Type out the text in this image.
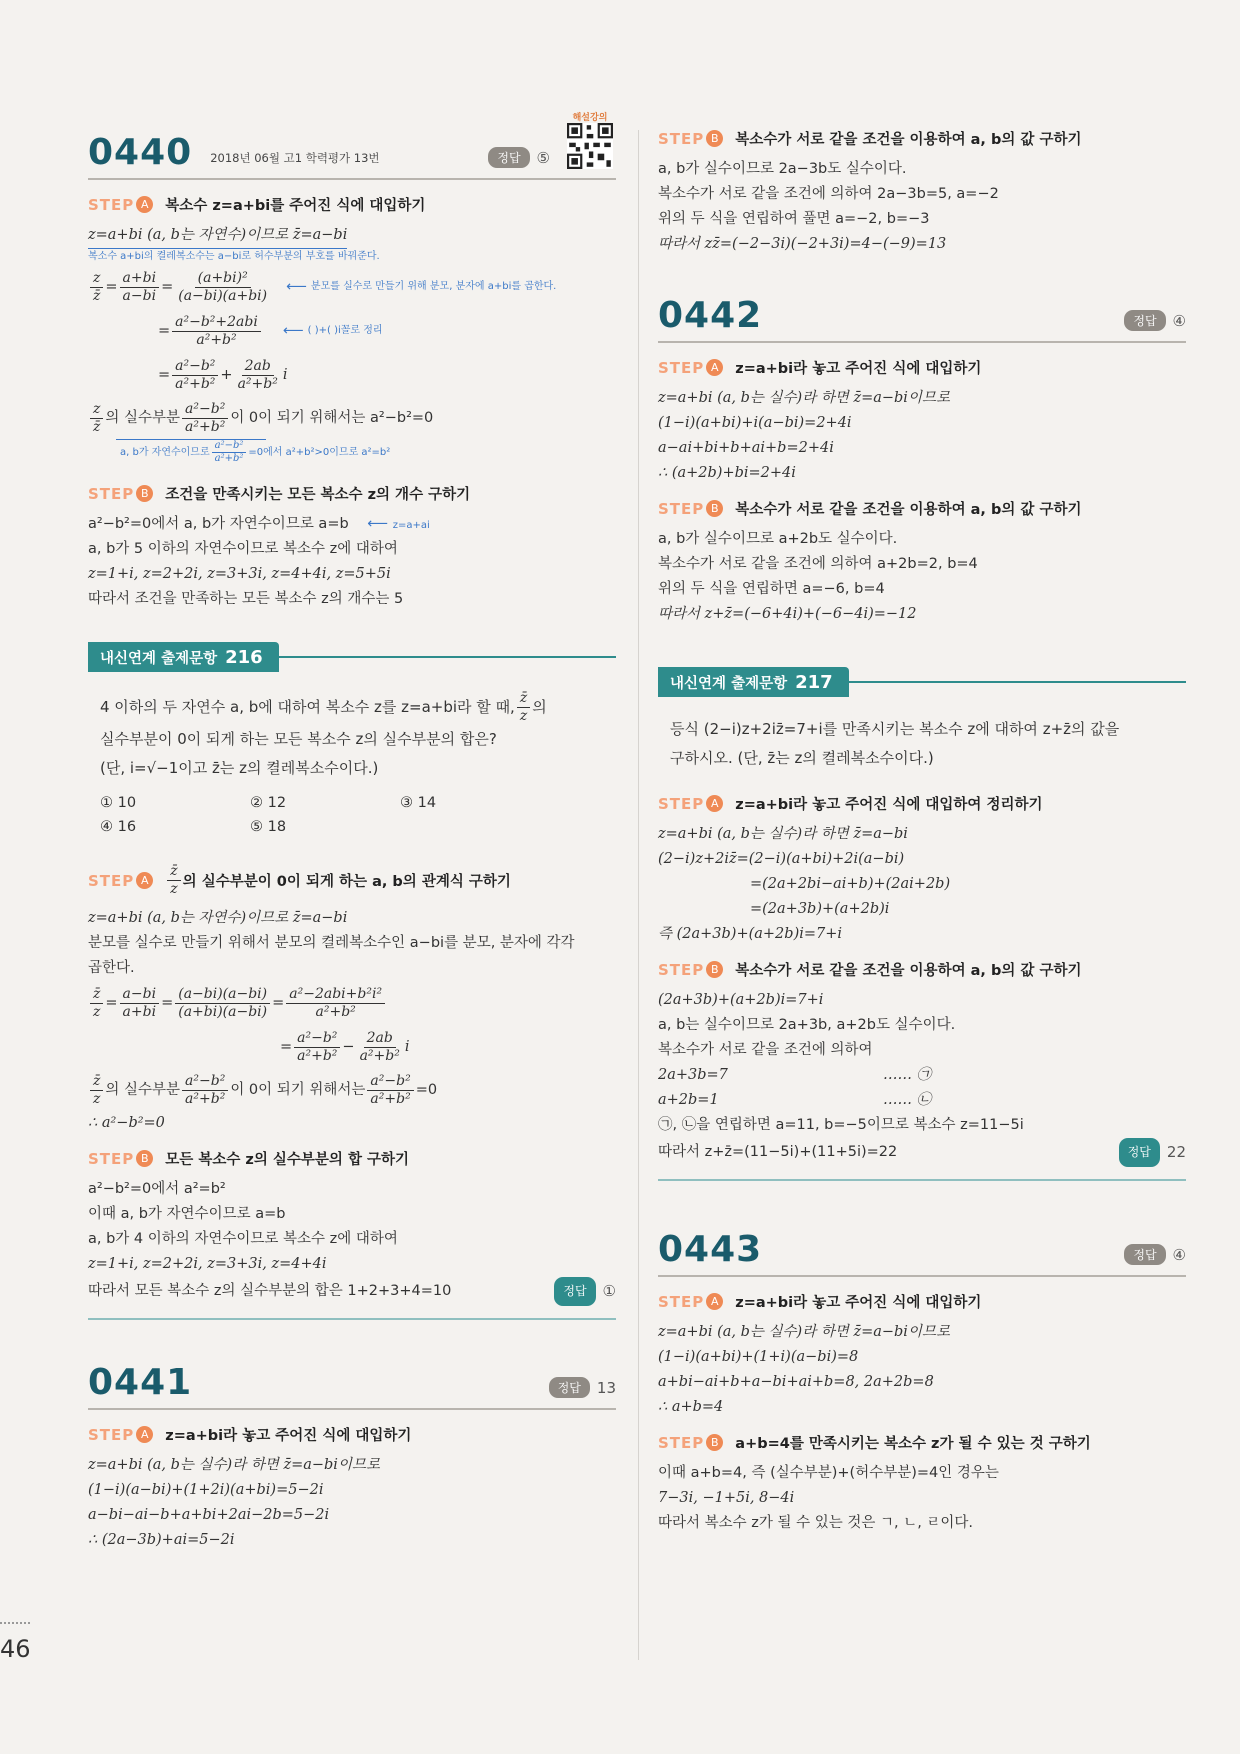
46
0440 2018년 06월 고1 학력평가 13번	정답	⑤
해설강의
STEP A	복소수 z=a+bi를 주어진 식에 대입하기
z=a+bi (a, b는 자연수)이므로 z̄=a−bi
복소수 a+bi의 켤레복소수는 a−bi로 허수부분의 부호를 바꿔준다.
$\frac{z}{z̄} = \frac{a+bi}{a-bi} = \frac{\text{(a+bi)²}}{(a-bi)(a+bi)}$ ⟵ 분모를 실수로 만들기 위해 분모, 분자에 a+bi를 곱한다.
= $\frac{\text{a²−b²+2abi}}{\text{a²+b²}}$ ⟵ ( )+( )i꼴로 정리
= $\frac{\text{a²−b²}}{\text{a²+b²}} + \frac{2ab}{\text{a²+b²}}$ i
$\frac{z}{z̄}$ 의 실수부분 $\frac{\text{a²−b²}}{\text{a²+b²}}$ 이 0이 되기 위해서는 a²−b²=0
a, b가 자연수이므로 $\frac{\text{a²−b²}}{\text{a²+b²}} =0$에서 a²+b²>0이므로 a²=b²
STEP B	조건을 만족시키는 모든 복소수 z의 개수 구하기
a²−b²=0에서 a, b가 자연수이므로 a=b ⟵ z=a+ai
a, b가 5 이하의 자연수이므로 복소수 z에 대하여
z=1+i, z=2+2i, z=3+3i, z=4+4i, z=5+5i
따라서 조건을 만족하는 모든 복소수 z의 개수는 5
내신연계 출제문항 216
4 이하의 두 자연수 a, b에 대하여 복소수 z를 z=a+bi라 할 때, $\frac{z̄}{z}$ 의
실수부분이 0이 되게 하는 모든 복소수 z의 실수부분의 합은?
(단, i=√−1이고 z̄는 z의 켤레복소수이다.)
① 10	② 12	③ 14
④ 16	⑤ 18
STEP A	$\frac{z̄}{z}$ 의 실수부분이 0이 되게 하는 a, b의 관계식 구하기
z=a+bi (a, b는 자연수)이므로 z̄=a−bi
분모를 실수로 만들기 위해서 분모의 켤레복소수인 a−bi를 분모, 분자에 각각
곱한다.
$\frac{z̄}{z} = \frac{a-bi}{a+bi} = \frac{(a-bi)(a-bi)}{(a+bi)(a-bi)} = \frac{\text{a²−2abi+b²i²}}{\text{a²+b²}}$
= $\frac{\text{a²−b²}}{\text{a²+b²}} - \frac{2ab}{\text{a²+b²}}$ i
$\frac{z̄}{z}$ 의 실수부분 $\frac{\text{a²−b²}}{\text{a²+b²}}$ 이 0이 되기 위해서는 $\frac{\text{a²−b²}}{\text{a²+b²}} =0$
∴ a²−b²=0
STEP B	모든 복소수 z의 실수부분의 합 구하기
a²−b²=0에서 a²=b²
이때 a, b가 자연수이므로 a=b
a, b가 4 이하의 자연수이므로 복소수 z에 대하여
z=1+i, z=2+2i, z=3+3i, z=4+4i
따라서 모든 복소수 z의 실수부분의 합은 1+2+3+4=10	정답	①
0441	정답	13
STEP A	z=a+bi라 놓고 주어진 식에 대입하기
z=a+bi (a, b는 실수)라 하면 z̄=a−bi이므로
(1−i)(a−bi)+(1+2i)(a+bi)=5−2i
a−bi−ai−b+a+bi+2ai−2b=5−2i
∴ (2a−3b)+ai=5−2i
STEP B	복소수가 서로 같을 조건을 이용하여 a, b의 값 구하기
a, b가 실수이므로 2a−3b도 실수이다.
복소수가 서로 같을 조건에 의하여 2a−3b=5, a=−2
위의 두 식을 연립하여 풀면 a=−2, b=−3
따라서 zz̄=(−2−3i)(−2+3i)=4−(−9)=13
0442	정답	④
STEP A	z=a+bi라 놓고 주어진 식에 대입하기
z=a+bi (a, b는 실수)라 하면 z̄=a−bi이므로
(1−i)(a+bi)+i(a−bi)=2+4i
a−ai+bi+b+ai+b=2+4i
∴ (a+2b)+bi=2+4i
STEP B	복소수가 서로 같을 조건을 이용하여 a, b의 값 구하기
a, b가 실수이므로 a+2b도 실수이다.
복소수가 서로 같을 조건에 의하여 a+2b=2, b=4
위의 두 식을 연립하면 a=−6, b=4
따라서 z+z̄=(−6+4i)+(−6−4i)=−12
내신연계 출제문항 217
등식 (2−i)z+2iz̄=7+i를 만족시키는 복소수 z에 대하여 z+z̄의 값을
구하시오. (단, z̄는 z의 켤레복소수이다.)
STEP A	z=a+bi라 놓고 주어진 식에 대입하여 정리하기
z=a+bi (a, b는 실수)라 하면 z̄=a−bi
(2−i)z+2iz̄=(2−i)(a+bi)+2i(a−bi)
=(2a+2bi−ai+b)+(2ai+2b)
=(2a+3b)+(a+2b)i
즉 (2a+3b)+(a+2b)i=7+i
STEP B	복소수가 서로 같을 조건을 이용하여 a, b의 값 구하기
(2a+3b)+(a+2b)i=7+i
a, b는 실수이므로 2a+3b, a+2b도 실수이다.
복소수가 서로 같을 조건에 의하여
2a+3b=7	…… ㉠
a+2b=1	…… ㉡
㉠, ㉡을 연립하면 a=11, b=−5이므로 복소수 z=11−5i
따라서 z+z̄=(11−5i)+(11+5i)=22	정답	22
0443	정답	④
STEP A	z=a+bi라 놓고 주어진 식에 대입하기
z=a+bi (a, b는 실수)라 하면 z̄=a−bi이므로
(1−i)(a+bi)+(1+i)(a−bi)=8
a+bi−ai+b+a−bi+ai+b=8, 2a+2b=8
∴ a+b=4
STEP B	a+b=4를 만족시키는 복소수 z가 될 수 있는 것 구하기
이때 a+b=4, 즉 (실수부분)+(허수부분)=4인 경우는
7−3i, −1+5i, 8−4i
따라서 복소수 z가 될 수 있는 것은 ㄱ, ㄴ, ㄹ이다.
